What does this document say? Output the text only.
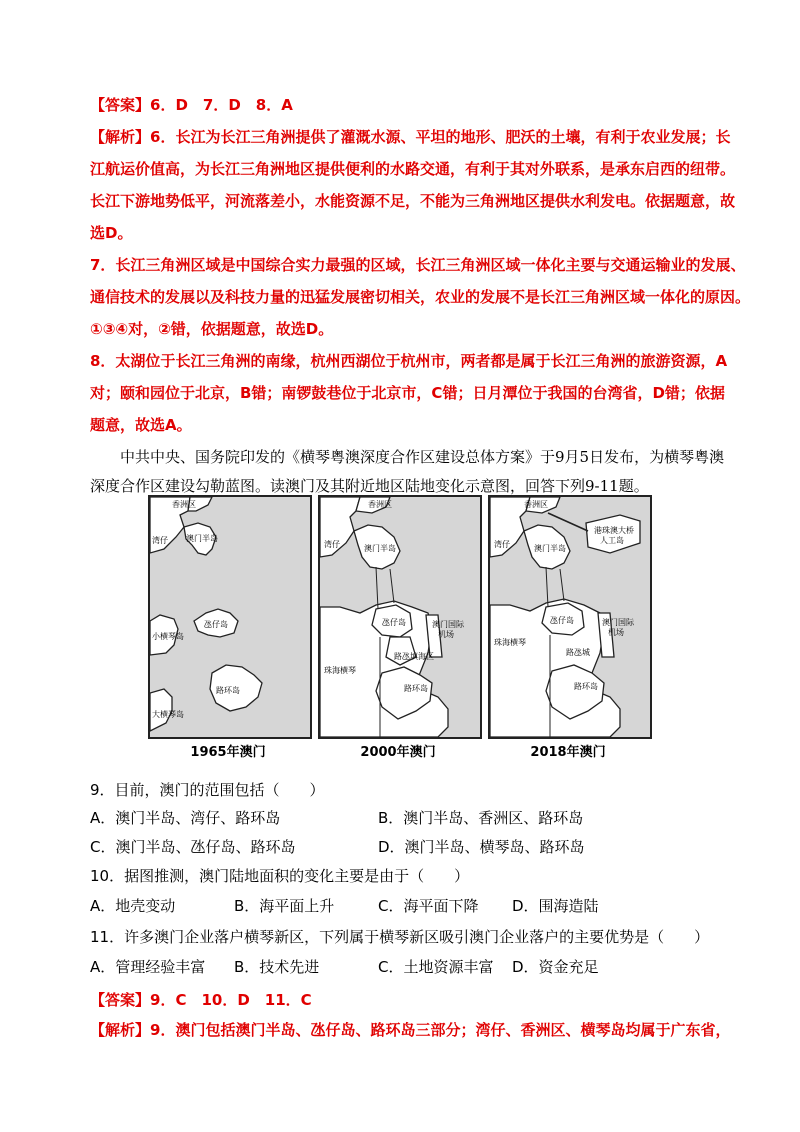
【答案】6．D　7．D　8．A
【解析】6．长江为长江三角洲提供了灌溉水源、平坦的地形、肥沃的土壤，有利于农业发展；长
江航运价值高，为长江三角洲地区提供便利的水路交通，有利于其对外联系，是承东启西的纽带。
长江下游地势低平，河流落差小，水能资源不足，不能为三角洲地区提供水利发电。依据题意，故
选D。
7．长江三角洲区域是中国综合实力最强的区域，长江三角洲区域一体化主要与交通运输业的发展、
通信技术的发展以及科技力量的迅猛发展密切相关，农业的发展不是长江三角洲区域一体化的原因。
①③④对，②错，依据题意，故选D。
8．太湖位于长江三角洲的南缘，杭州西湖位于杭州市，两者都是属于长江三角洲的旅游资源，A
对；颐和园位于北京，B错；南锣鼓巷位于北京市，C错；日月潭位于我国的台湾省，D错；依据
题意，故选A。
　　中共中央、国务院印发的《横琴粤澳深度合作区建设总体方案》于9月5日发布，为横琴粤澳
深度合作区建设勾勒蓝图。读澳门及其附近地区陆地变化示意图，回答下列9-11题。
香洲区
湾仔 澳门半岛
氹仔岛
小横琴岛
路环岛
大横琴岛
1965年澳门
香洲区
湾仔	澳门半岛
氹仔岛	澳门国际
机场
路氹填海区
珠海横琴
路环岛
2000年澳门
香洲区
港珠澳大桥
人工岛
湾仔	澳门半岛
氹仔岛	澳门国际
机场
珠海横琴
路氹城
路环岛
2018年澳门
9．目前，澳门的范围包括（　　）
A．澳门半岛、湾仔、路环岛	B．澳门半岛、香洲区、路环岛
C．澳门半岛、氹仔岛、路环岛	D．澳门半岛、横琴岛、路环岛
10．据图推测，澳门陆地面积的变化主要是由于（　　）
A．地壳变动	B．海平面上升	C．海平面下降 D．围海造陆
11．许多澳门企业落户横琴新区，下列属于横琴新区吸引澳门企业落户的主要优势是（　　）
A．管理经验丰富 B．技术先进	C．土地资源丰富 D．资金充足
【答案】9．C　10．D　11．C
【解析】9．澳门包括澳门半岛、氹仔岛、路环岛三部分；湾仔、香洲区、横琴岛均属于广东省，
